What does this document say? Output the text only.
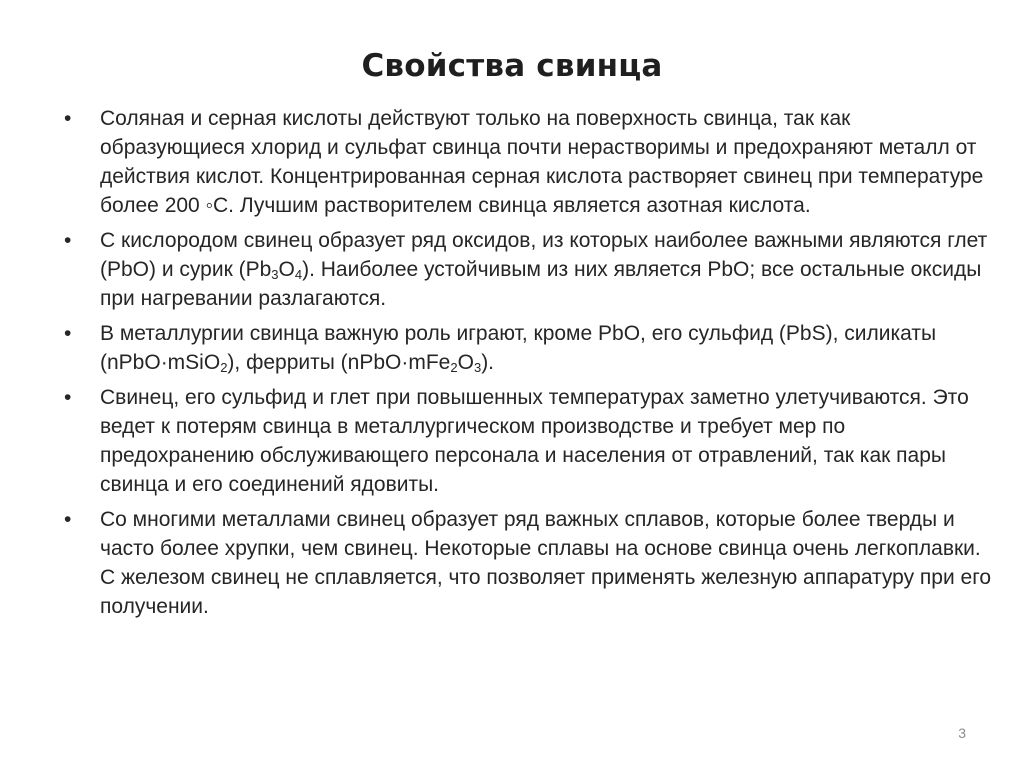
Свойства свинца
• Соляная и серная кислоты действуют только на поверхность свинца, так как образующиеся хлорид и сульфат свинца почти нерастворимы и предохраняют металл от действия кислот. Концентрированная серная кислота растворяет свинец при температуре более 200 ◦С. Лучшим растворителем свинца является азотная кислота.
• С кислородом свинец образует ряд оксидов, из которых наиболее важными являются глет (PbO) и сурик $(Pb_3O_4)$. Наиболее устойчивым из них является PbO; все остальные оксиды при нагревании разлагаются.
• В металлургии свинца важную роль играют, кроме PbO, его сульфид (PbS), силикаты (nPbO·mSiO$_2$), ферриты $(nPbO\cdot mFe_2O_3)$.
• Свинец, его сульфид и глет при повышенных температурах заметно улетучиваются. Это ведет к потерям свинца в металлургическом производстве и требует мер по предохранению обслуживающего персонала и населения от отравлений, так как пары свинца и его соединений ядовиты.
• Со многими металлами свинец образует ряд важных сплавов, которые более тверды и часто более хрупки, чем свинец. Некоторые сплавы на основе свинца очень легкоплавки. С железом свинец не сплавляется, что позволяет применять железную аппаратуру при его получении.
3
